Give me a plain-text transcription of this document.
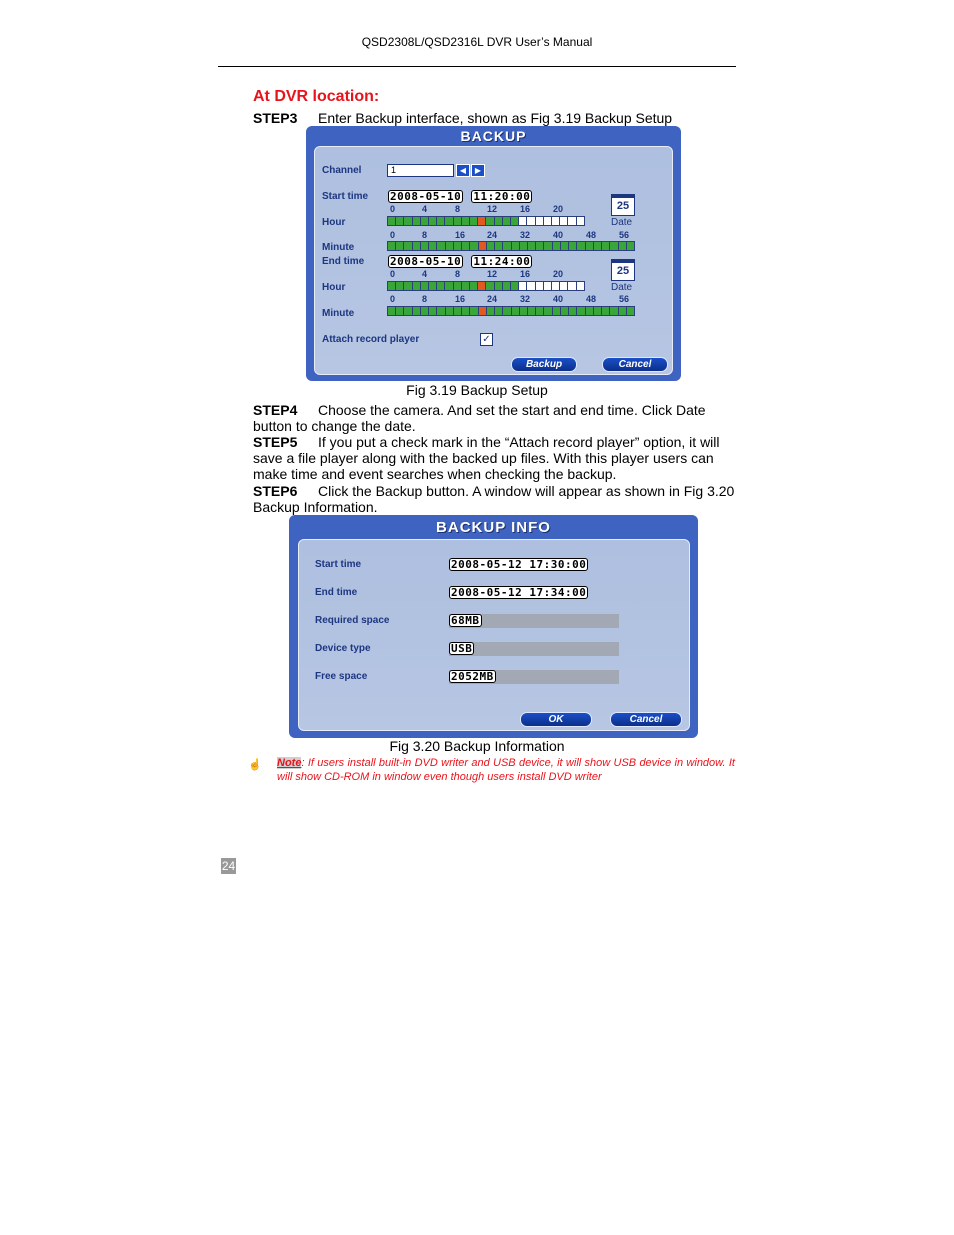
QSD2308L/QSD2316L DVR User’s Manual
At DVR location:
STEP3 Enter Backup interface, shown as Fig 3.19 Backup Setup
BACKUP
Channel	1	◀	▶
Start time 2008-05-10 11:20:00
0	4	8	12	16	20
Hour
0	8	16 24	32	40	48	56
Minute
25
Date
End time 2008-05-10 11:24:00
0	4	8	12	16	20
Hour
0	8	16 24	32	40	48	56
Minute
25
Date
Attach record player	✓
Backup	Cancel
Fig 3.19 Backup Setup
STEP4 Choose the camera. And set the start and end time. Click Date button to change the date.
STEP5 If you put a check mark in the “Attach record player” option, it will save a file player along with the backed up files. With this player users can make time and event searches when checking the backup.
STEP6 Click the Backup button. A window will appear as shown in Fig 3.20 Backup Information.
BACKUP INFO
Start time	2008-05-12 17:30:00
End time	2008-05-12 17:34:00
Required space	68MB
Device type	USB
Free space	2052MB
OK	Cancel
Fig 3.20 Backup Information
☝ Note: If users install built-in DVD writer and USB device, it will show USB device in window. It will show CD-ROM in window even though users install DVD writer
24
